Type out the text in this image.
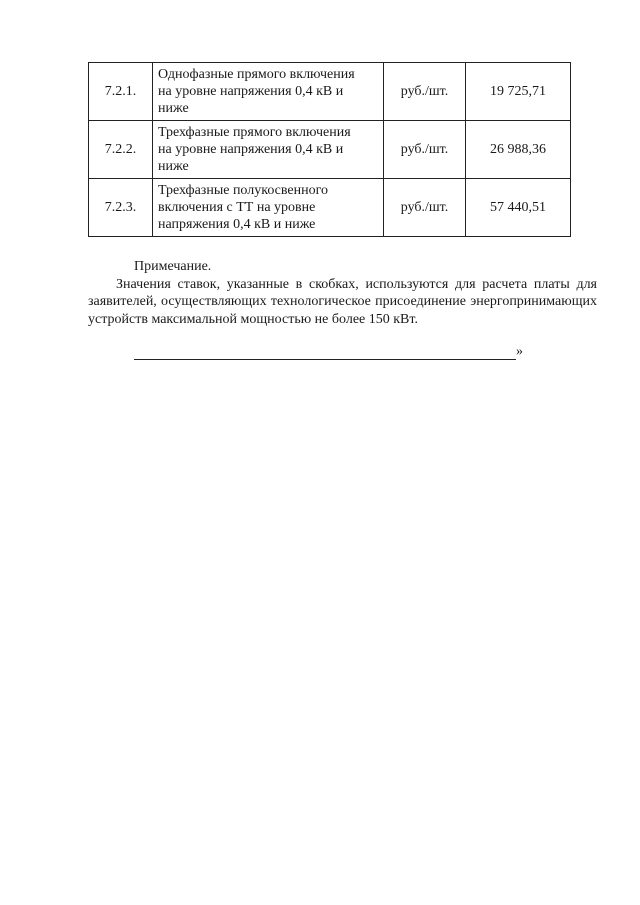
7.2.1.	Однофазные прямого включения
на уровне напряжения 0,4 кВ и
ниже	руб./шт.	19 725,71
7.2.2.	Трехфазные прямого включения
на уровне напряжения 0,4 кВ и
ниже	руб./шт.	26 988,36
7.2.3.	Трехфазные полукосвенного
включения с ТТ на уровне
напряжения 0,4 кВ и ниже	руб./шт.	57 440,51
Примечание.
Значения ставок, указанные в скобках, используются для расчета платы для заявителей, осуществляющих технологическое присоединение энергопринимающих устройств максимальной мощностью не более 150 кВт.
»
